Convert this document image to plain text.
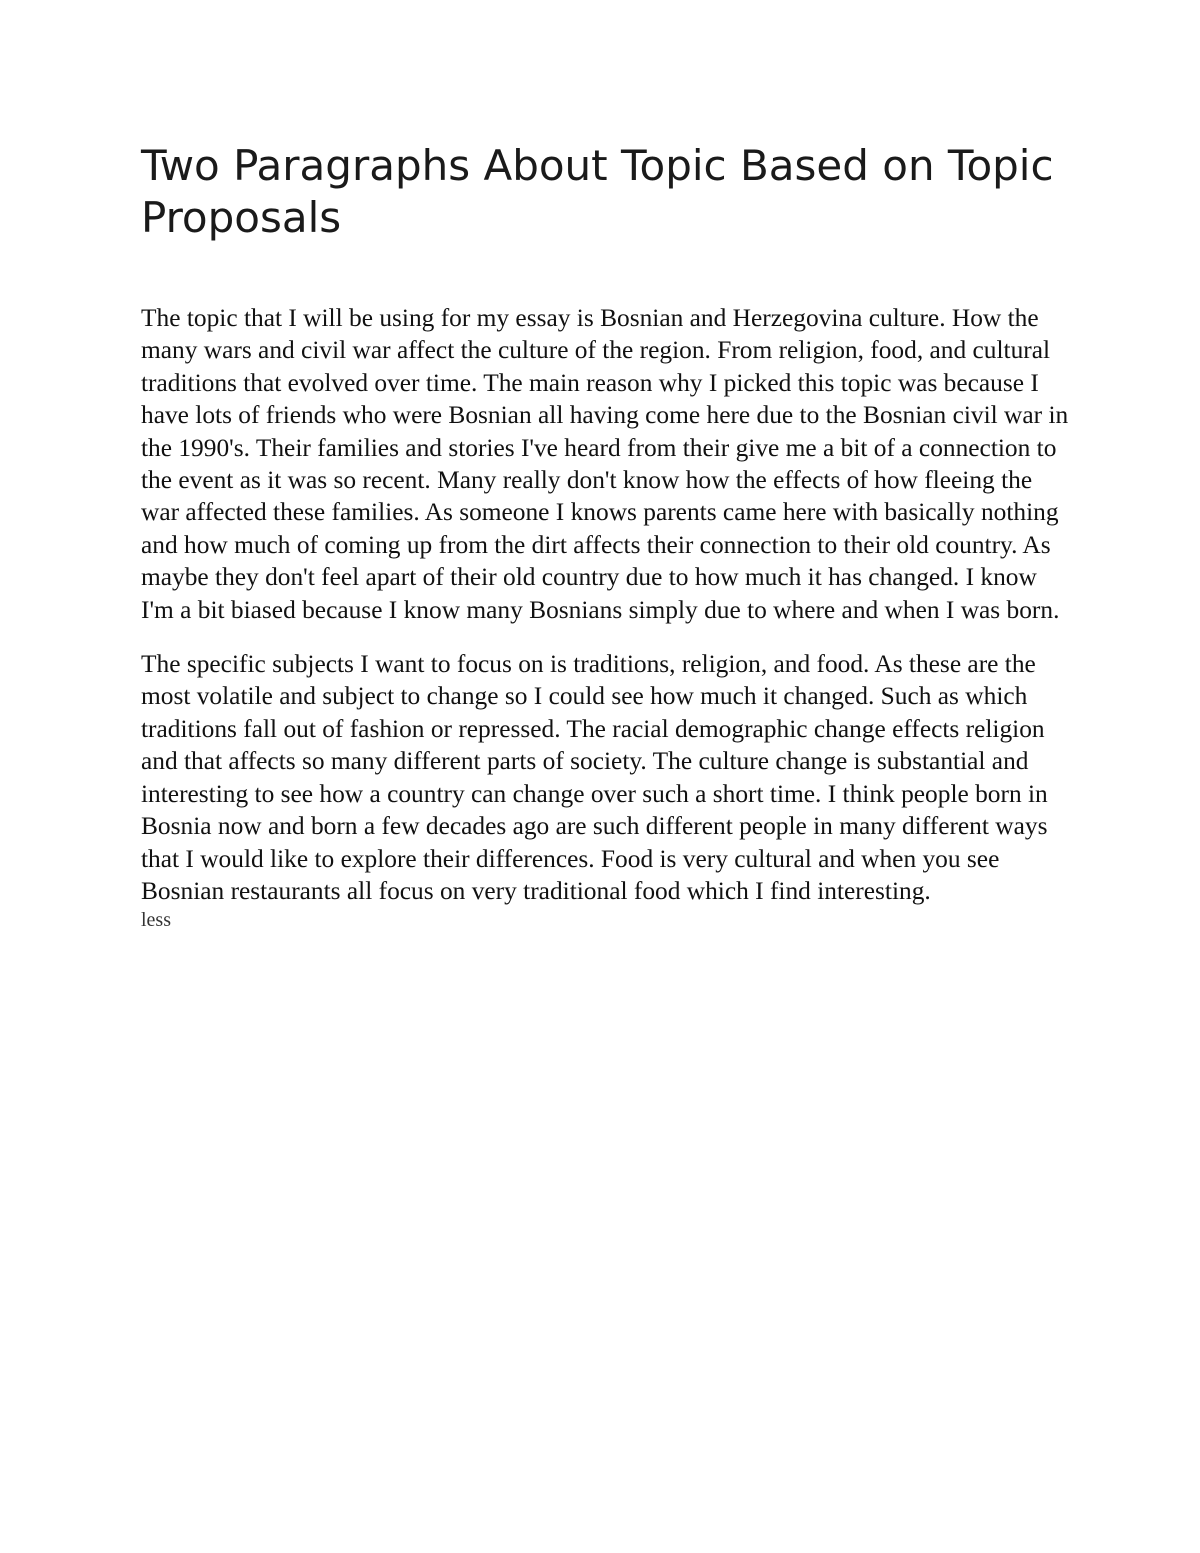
Two Paragraphs About Topic Based on Topic Proposals

The topic that I will be using for my essay is Bosnian and Herzegovina culture. How the many wars and civil war affect the culture of the region. From religion, food, and cultural traditions that evolved over time. The main reason why I picked this topic was because I have lots of friends who were Bosnian all having come here due to the Bosnian civil war in the 1990's. Their families and stories I've heard from their give me a bit of a connection to the event as it was so recent. Many really don't know how the effects of how fleeing the war affected these families. As someone I knows parents came here with basically nothing and how much of coming up from the dirt affects their connection to their old country. As maybe they don't feel apart of their old country due to how much it has changed. I know I'm a bit biased because I know many Bosnians simply due to where and when I was born.

The specific subjects I want to focus on is traditions, religion, and food. As these are the most volatile and subject to change so I could see how much it changed. Such as which traditions fall out of fashion or repressed. The racial demographic change effects religion and that affects so many different parts of society. The culture change is substantial and interesting to see how a country can change over such a short time. I think people born in Bosnia now and born a few decades ago are such different people in many different ways that I would like to explore their differences. Food is very cultural and when you see Bosnian restaurants all focus on very traditional food which I find interesting.

less
